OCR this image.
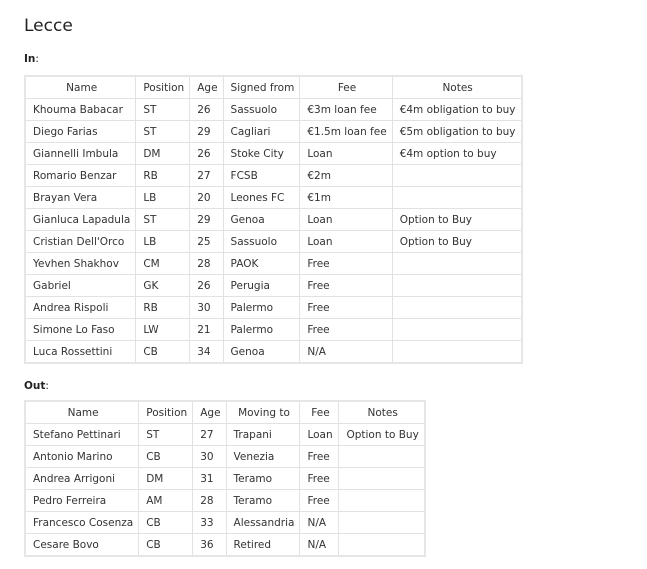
Lecce
In:
Name	Position	Age	Signed from	Fee	Notes
Khouma Babacar	ST	26	Sassuolo	€3m loan fee	€4m obligation to buy
Diego Farias	ST	29	Cagliari	€1.5m loan fee	€5m obligation to buy
Giannelli Imbula	DM	26	Stoke City	Loan	€4m option to buy
Romario Benzar	RB	27	FCSB	€2m	
Brayan Vera	LB	20	Leones FC	€1m	
Gianluca Lapadula	ST	29	Genoa	Loan	Option to Buy
Cristian Dell'Orco	LB	25	Sassuolo	Loan	Option to Buy
Yevhen Shakhov	CM	28	PAOK	Free	
Gabriel	GK	26	Perugia	Free	
Andrea Rispoli	RB	30	Palermo	Free	
Simone Lo Faso	LW	21	Palermo	Free	
Luca Rossettini	CB	34	Genoa	N/A	
Out:
Name	Position	Age	Moving to	Fee	Notes
Stefano Pettinari	ST	27	Trapani	Loan	Option to Buy
Antonio Marino	CB	30	Venezia	Free	
Andrea Arrigoni	DM	31	Teramo	Free	
Pedro Ferreira	AM	28	Teramo	Free	
Francesco Cosenza	CB	33	Alessandria	N/A	
Cesare Bovo	CB	36	Retired	N/A	
